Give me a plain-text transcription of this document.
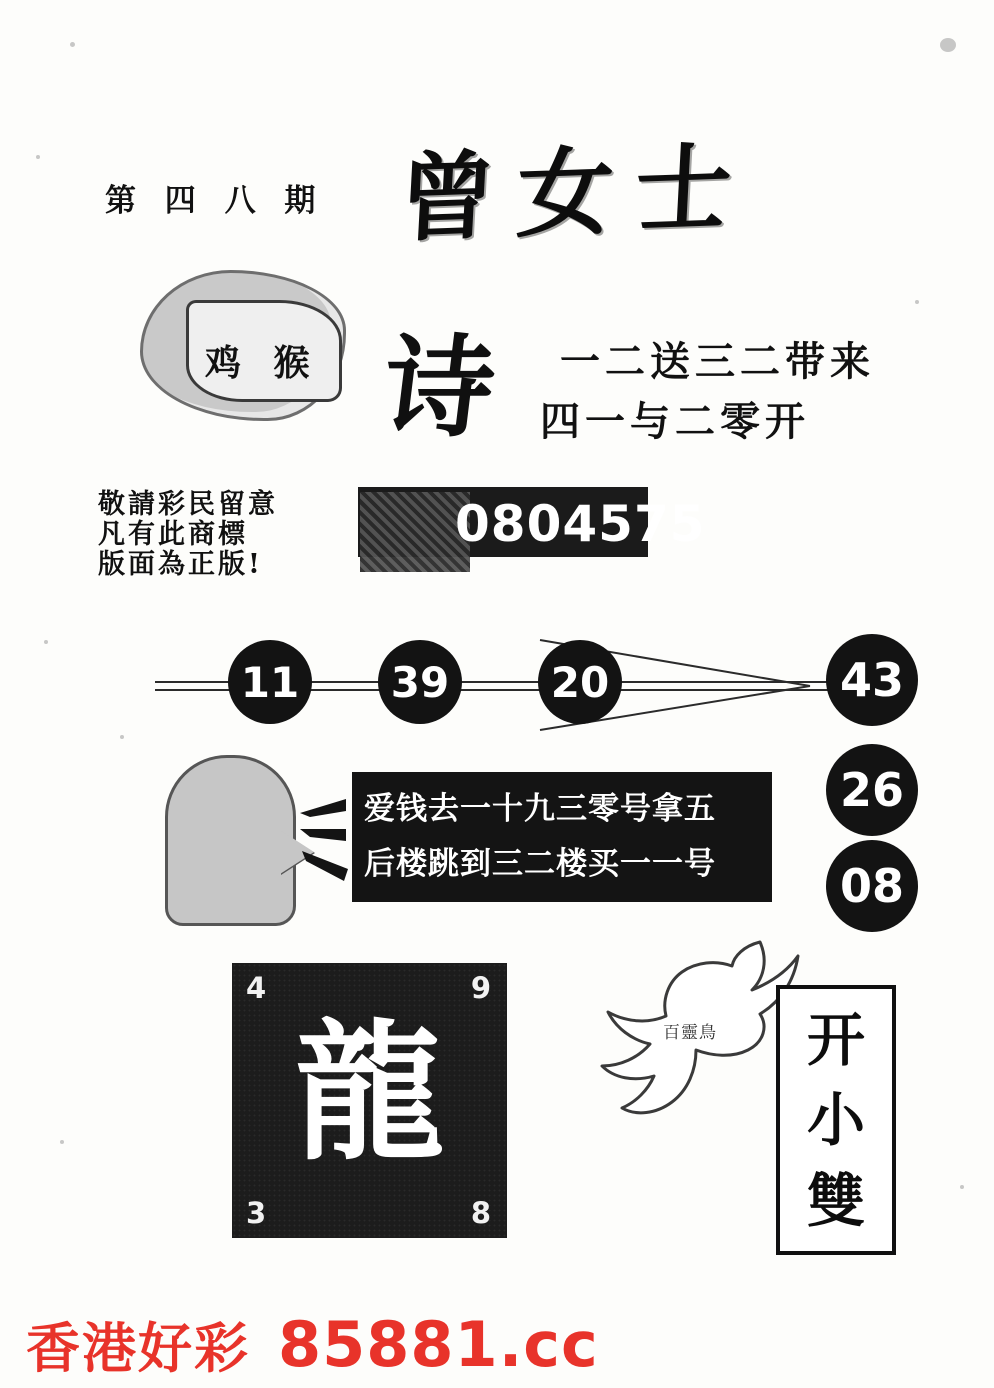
第 四 八 期 曾女士
鸡 猴 诗 一二送三二带来
四一与二零开
敬請彩民留意
凡有此商標
版面為正版!
0804575
11	39	20	43
26
08
爱钱去一十九三零号拿五
后楼跳到三二楼买一一号
4	9
3	8
龍	百靈鳥 开
小
雙
香港好彩 85881.cc
